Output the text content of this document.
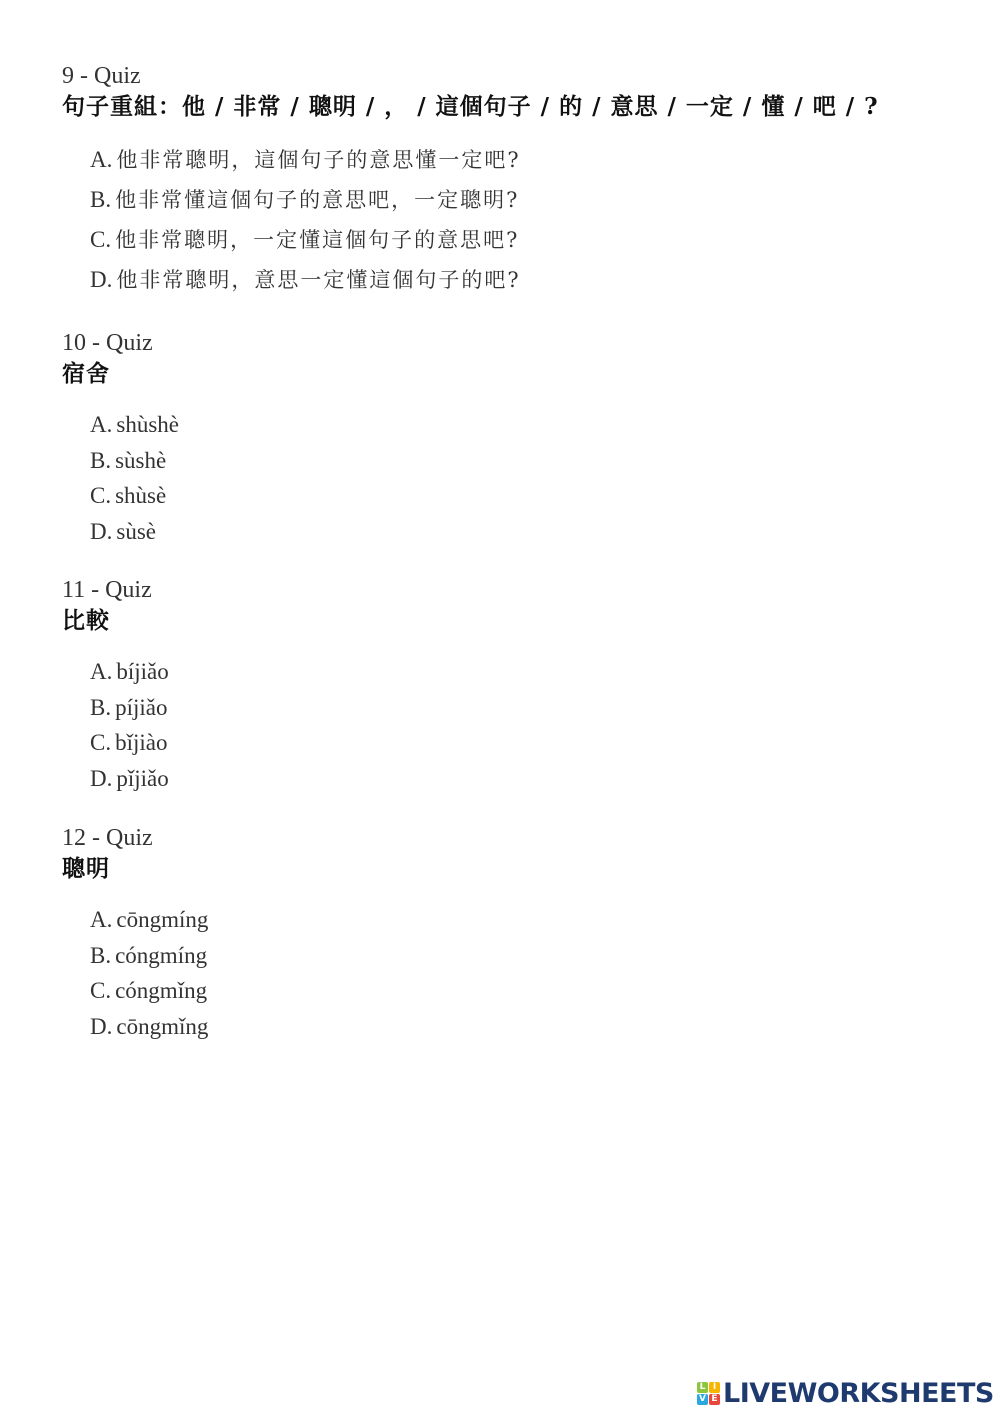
9 - Quiz
句子重組：他 / 非常 / 聰明 / ， / 這個句子 / 的 / 意思 / 一定 / 懂 / 吧 / ?
A. 他非常聰明，這個句子的意思懂一定吧?
B. 他非常懂這個句子的意思吧，一定聰明?
C. 他非常聰明，一定懂這個句子的意思吧?
D. 他非常聰明，意思一定懂這個句子的吧?
10 - Quiz
宿舍
A. shùshè
B. sùshè
C. shùsè
D. sùsè
11 - Quiz
比較
A. bíjiǎo
B. píjiǎo
C. bǐjiào
D. pǐjiǎo
12 - Quiz
聰明
A. cōngmíng
B. cóngmíng
C. cóngmǐng
D. cōngmǐng
L I
V E LIVEWORKSHEETS
